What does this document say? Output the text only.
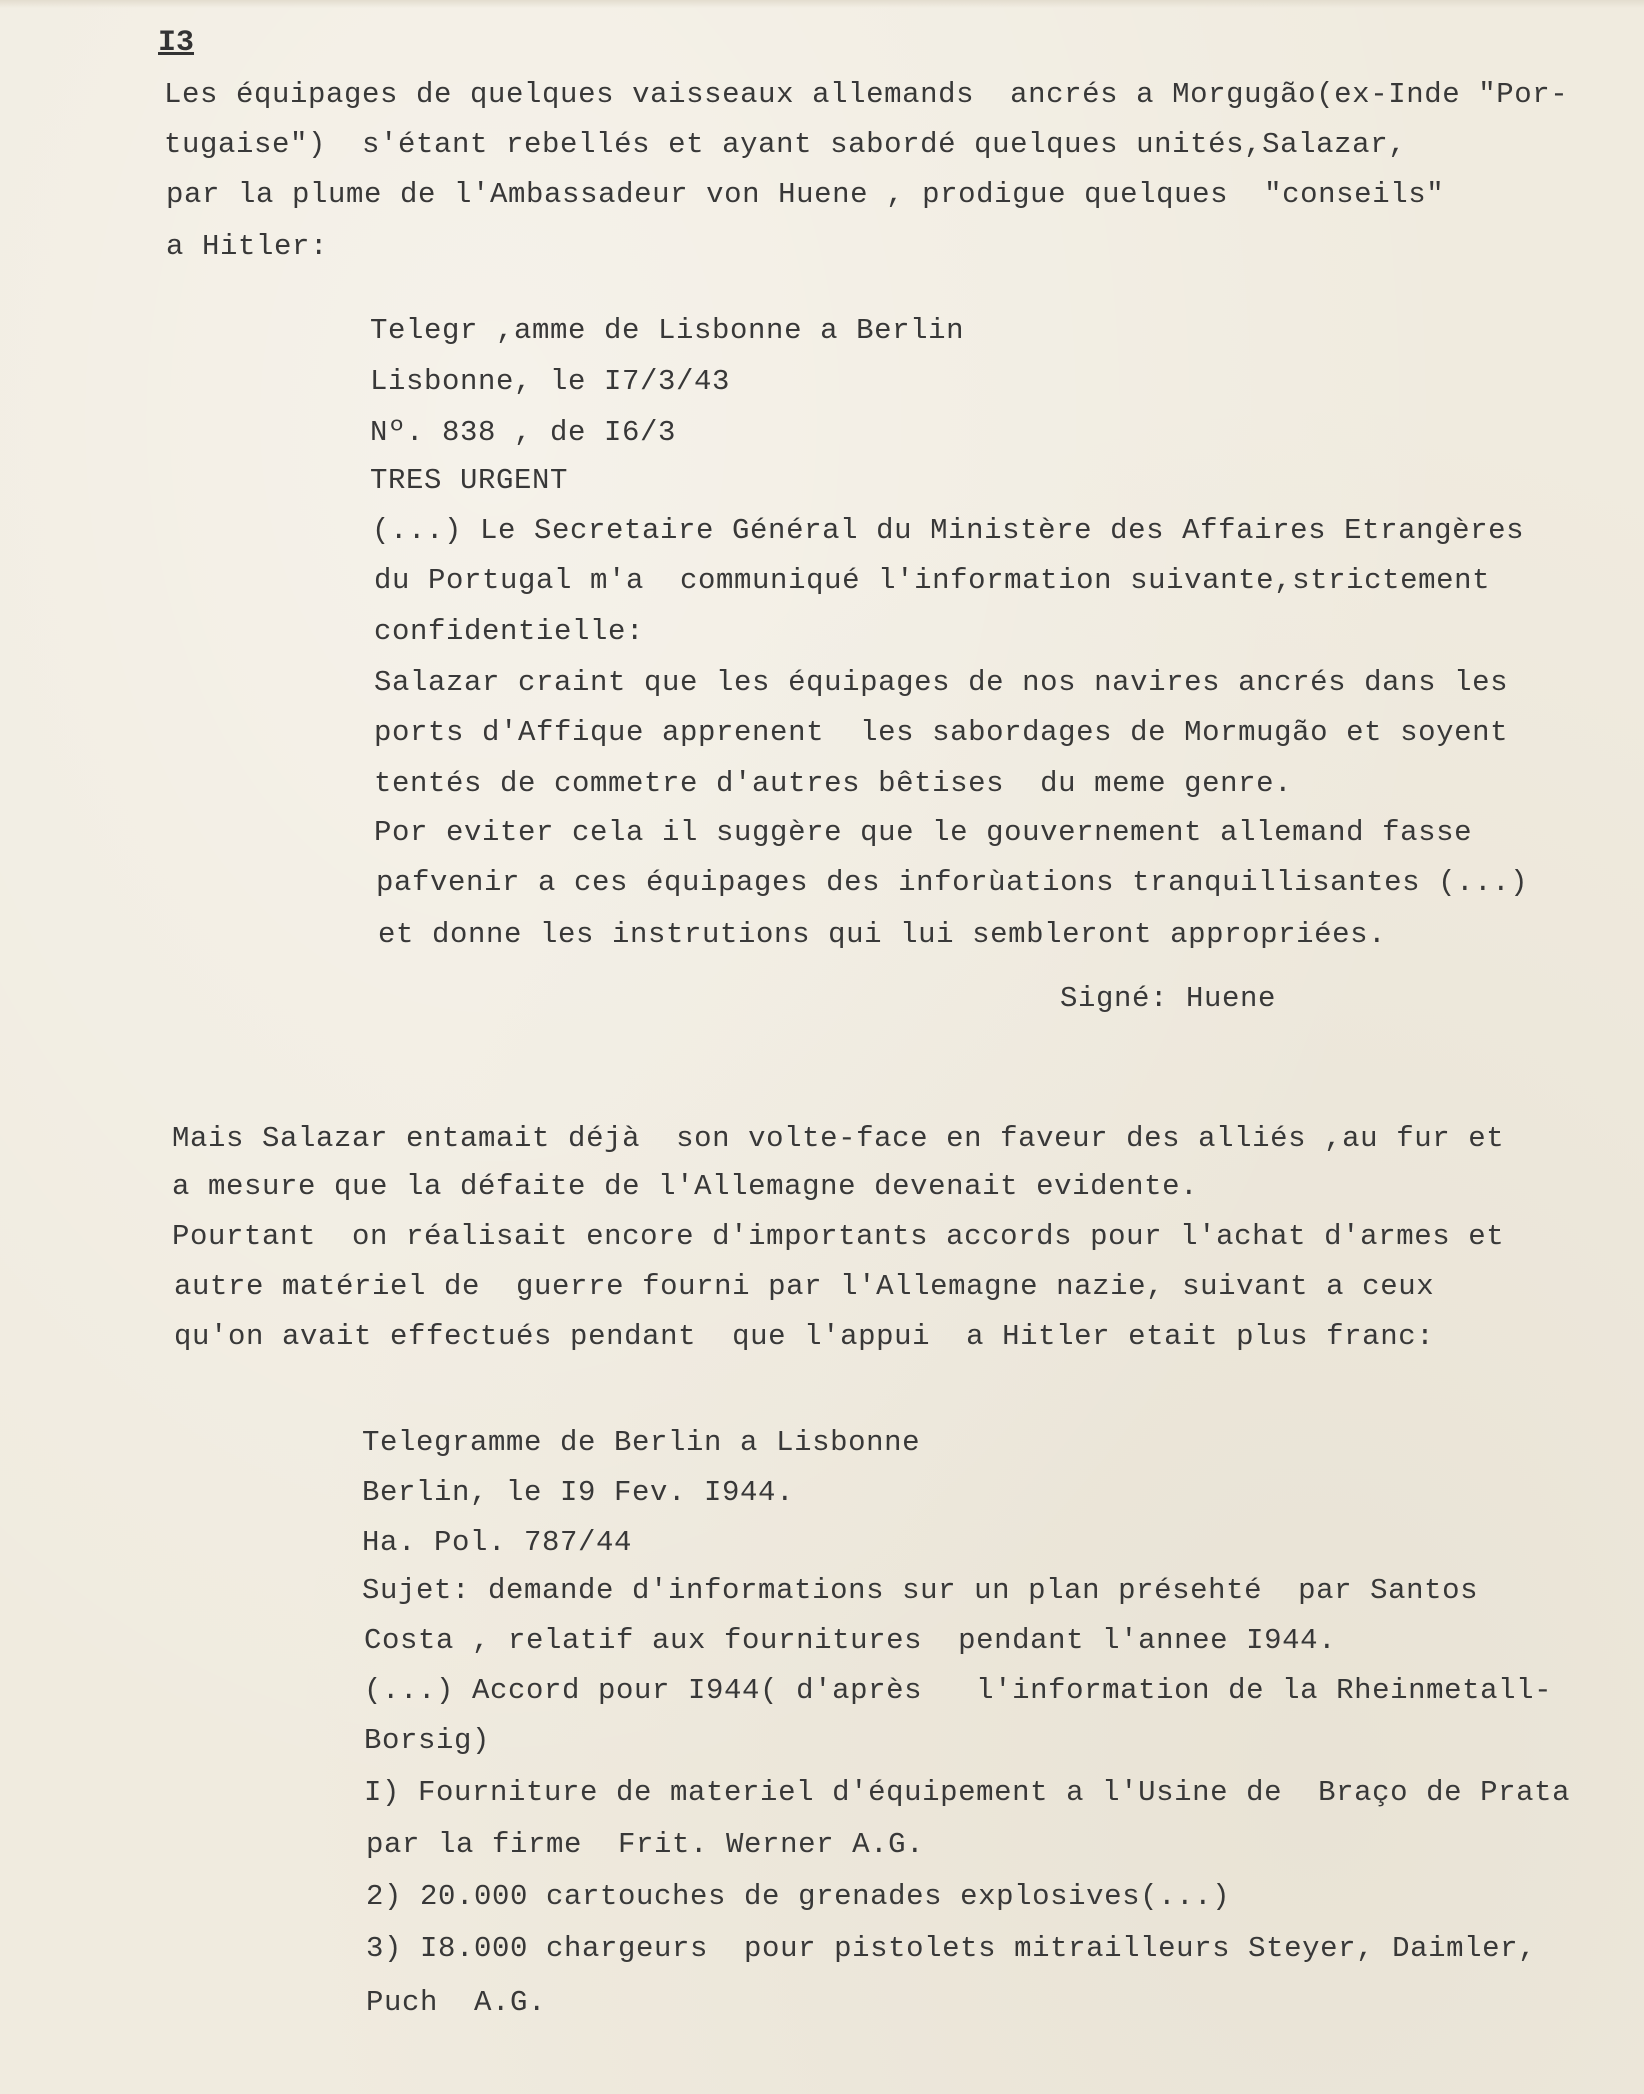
I3
Les équipages de quelques vaisseaux allemands  ancrés a Morgugão(ex-Inde "Por-
tugaise")  s'étant rebellés et ayant sabordé quelques unités,Salazar,
par la plume de l'Ambassadeur von Huene , prodigue quelques  "conseils"
a Hitler:
Telegr ,amme de Lisbonne a Berlin
Lisbonne, le I7/3/43
Nº. 838 , de I6/3
TRES URGENT
(...) Le Secretaire Général du Ministère des Affaires Etrangères
du Portugal m'a  communiqué l'information suivante,strictement
confidentielle:
Salazar craint que les équipages de nos navires ancrés dans les
ports d'Affique apprenent  les sabordages de Mormugão et soyent
tentés de commetre d'autres bêtises  du meme genre.
Por eviter cela il suggère que le gouvernement allemand fasse
pafvenir a ces équipages des inforùations tranquillisantes (...)
et donne les instrutions qui lui sembleront appropriées.
Signé: Huene
Mais Salazar entamait déjà  son volte-face en faveur des alliés ,au fur et
a mesure que la défaite de l'Allemagne devenait evidente.
Pourtant  on réalisait encore d'importants accords pour l'achat d'armes et
autre matériel de  guerre fourni par l'Allemagne nazie, suivant a ceux
qu'on avait effectués pendant  que l'appui  a Hitler etait plus franc:
Telegramme de Berlin a Lisbonne
Berlin, le I9 Fev. I944.
Ha. Pol. 787/44
Sujet: demande d'informations sur un plan présehté  par Santos
Costa , relatif aux fournitures  pendant l'annee I944.
(...) Accord pour I944( d'après   l'information de la Rheinmetall-
Borsig)
I) Fourniture de materiel d'équipement a l'Usine de  Braço de Prata
par la firme  Frit. Werner A.G.
2) 20.000 cartouches de grenades explosives(...)
3) I8.000 chargeurs  pour pistolets mitrailleurs Steyer, Daimler,
Puch  A.G.
